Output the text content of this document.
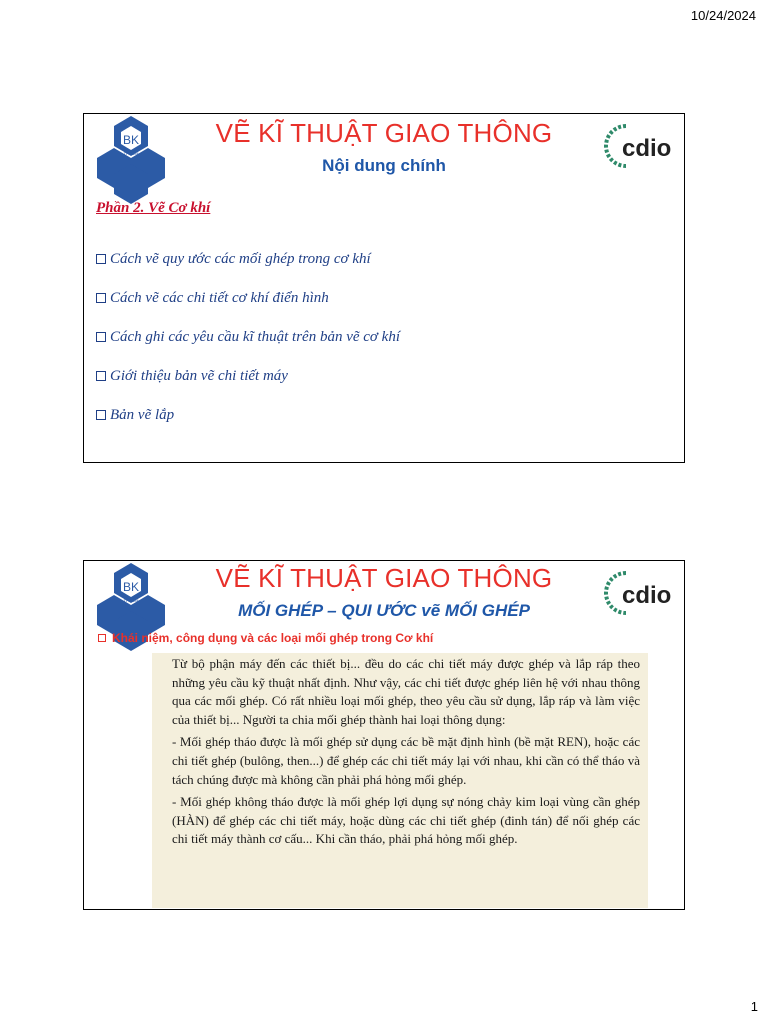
10/24/2024
BK
TP.HCM
VẼ KĨ THUẬT GIAO THÔNG
Nội dung chính
cdio
Phần 2. Vẽ Cơ khí
Cách vẽ quy ước các mối ghép trong cơ khí
Cách vẽ các chi tiết cơ khí điển hình
Cách ghi các yêu cầu kĩ thuật trên bản vẽ cơ khí
Giới thiệu bản vẽ chi tiết máy
Bản vẽ lắp
BK
TP.HCM
VẼ KĨ THUẬT GIAO THÔNG
MỐI GHÉP – QUI ƯỚC vẽ MỐI GHÉP
cdio
Khái niệm, công dụng và các loại mối ghép trong Cơ khí

Từ bộ phận máy đến các thiết bị... đều do các chi tiết máy được ghép và lắp ráp theo những yêu cầu kỹ thuật nhất định. Như vậy, các chi tiết được ghép liên hệ với nhau thông qua các mối ghép. Có rất nhiều loại mối ghép, theo yêu cầu sử dụng, lắp ráp và làm việc của thiết bị... Người ta chia mối ghép thành hai loại thông dụng:

- Mối ghép tháo được là mối ghép sử dụng các bề mặt định hình (bề mặt REN), hoặc các chi tiết ghép (bulông, then...) để ghép các chi tiết máy lại với nhau, khi cần có thể tháo và tách chúng được mà không cần phải phá hỏng mối ghép.

- Mối ghép không tháo được là mối ghép lợi dụng sự nóng chảy kim loại vùng cần ghép (HÀN) để ghép các chi tiết máy, hoặc dùng các chi tiết ghép (đinh tán) để nối ghép các chi tiết máy thành cơ cấu... Khi cần tháo, phải phá hỏng mối ghép.

1
